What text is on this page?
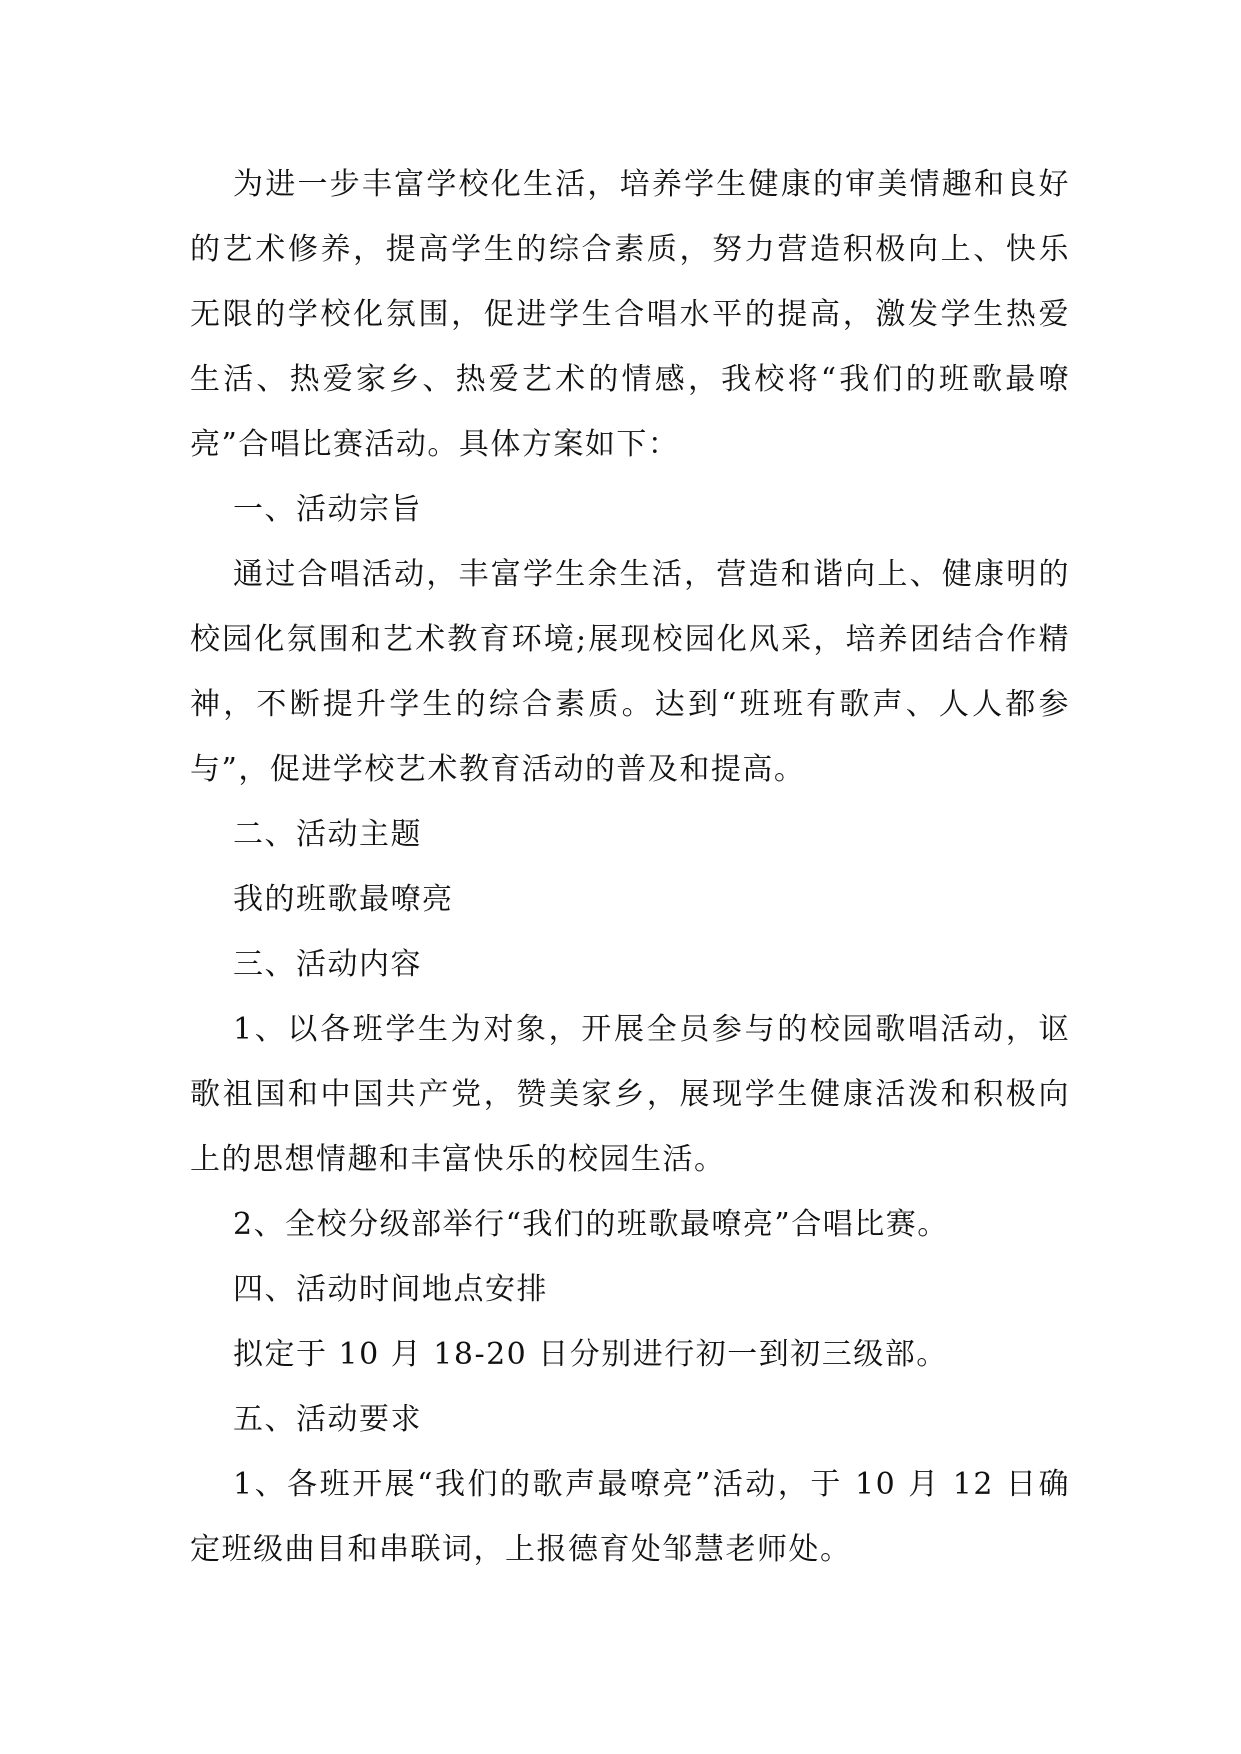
为进一步丰富学校化生活，培养学生健康的审美情趣和良好的艺术修养，提高学生的综合素质，努力营造积极向上、快乐无限的学校化氛围，促进学生合唱水平的提高，激发学生热爱生活、热爱家乡、热爱艺术的情感，我校将“我们的班歌最嘹亮”合唱比赛活动。具体方案如下：

一、活动宗旨

通过合唱活动，丰富学生余生活，营造和谐向上、健康明的校园化氛围和艺术教育环境;展现校园化风采，培养团结合作精神，不断提升学生的综合素质。达到“班班有歌声、人人都参与”，促进学校艺术教育活动的普及和提高。

二、活动主题

我的班歌最嘹亮

三、活动内容

1、以各班学生为对象，开展全员参与的校园歌唱活动，讴歌祖国和中国共产党，赞美家乡，展现学生健康活泼和积极向上的思想情趣和丰富快乐的校园生活。

2、全校分级部举行“我们的班歌最嘹亮”合唱比赛。

四、活动时间地点安排

拟定于 10 月 18-20 日分别进行初一到初三级部。

五、活动要求

1、各班开展“我们的歌声最嘹亮”活动，于 10 月 12 日确定班级曲目和串联词，上报德育处邹慧老师处。
